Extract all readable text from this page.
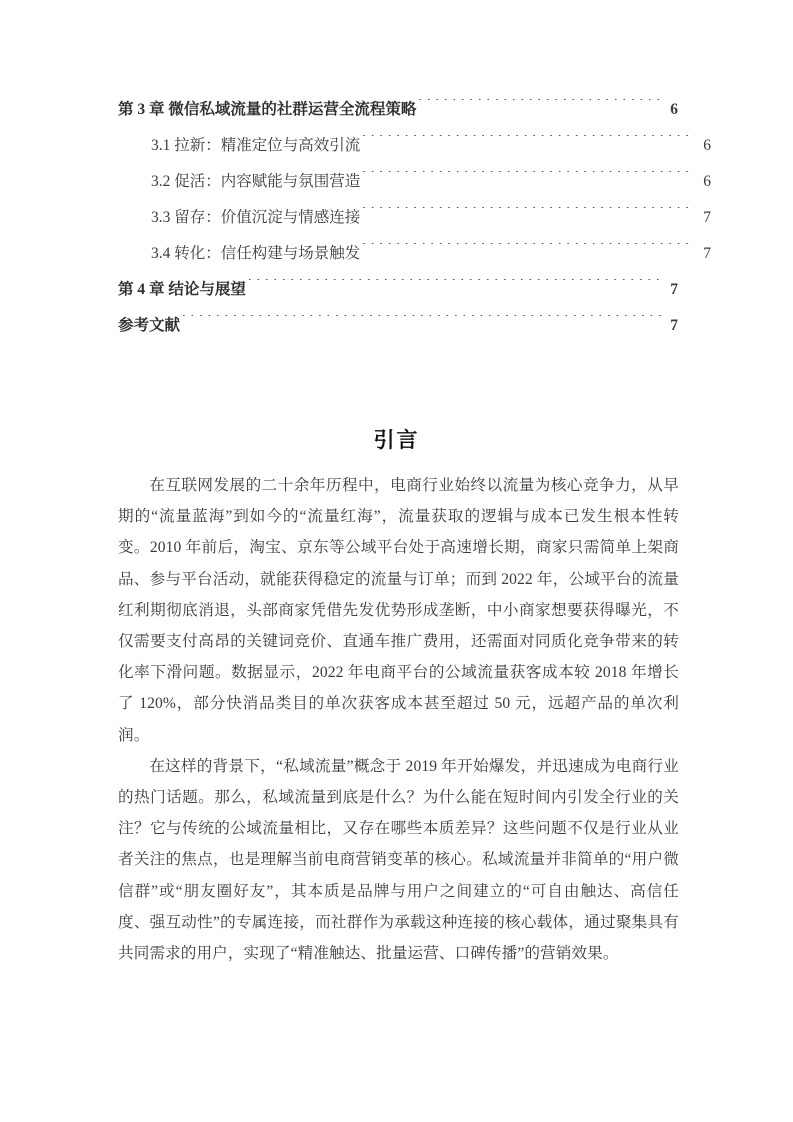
第 3 章 微信私域流量的社群运营全流程策略 . . .	6
3.1 拉新：精准定位与高效引流 . . .	6
3.2 促活：内容赋能与氛围营造 . . .	6
3.3 留存：价值沉淀与情感连接 . . .	7
3.4 转化：信任构建与场景触发 . . .	7
第 4 章 结论与展望 . . .	7
参考文献 . . .	7
引言

在互联网发展的二十余年历程中，电商行业始终以流量为核心竞争力，从早期的“流量蓝海”到如今的“流量红海”，流量获取的逻辑与成本已发生根本性转变。2010 年前后，淘宝、京东等公域平台处于高速增长期，商家只需简单上架商品、参与平台活动，就能获得稳定的流量与订单；而到 2022 年，公域平台的流量红利期彻底消退，头部商家凭借先发优势形成垄断，中小商家想要获得曝光，不仅需要支付高昂的关键词竞价、直通车推广费用，还需面对同质化竞争带来的转化率下滑问题。数据显示，2022 年电商平台的公域流量获客成本较 2018 年增长了 120%，部分快消品类目的单次获客成本甚至超过 50 元，远超产品的单次利润。

在这样的背景下，“私域流量”概念于 2019 年开始爆发，并迅速成为电商行业的热门话题。那么，私域流量到底是什么？为什么能在短时间内引发全行业的关注？它与传统的公域流量相比，又存在哪些本质差异？这些问题不仅是行业从业者关注的焦点，也是理解当前电商营销变革的核心。私域流量并非简单的“用户微信群”或“朋友圈好友”，其本质是品牌与用户之间建立的“可自由触达、高信任度、强互动性”的专属连接，而社群作为承载这种连接的核心载体，通过聚集具有共同需求的用户，实现了“精准触达、批量运营、口碑传播”的营销效果。
